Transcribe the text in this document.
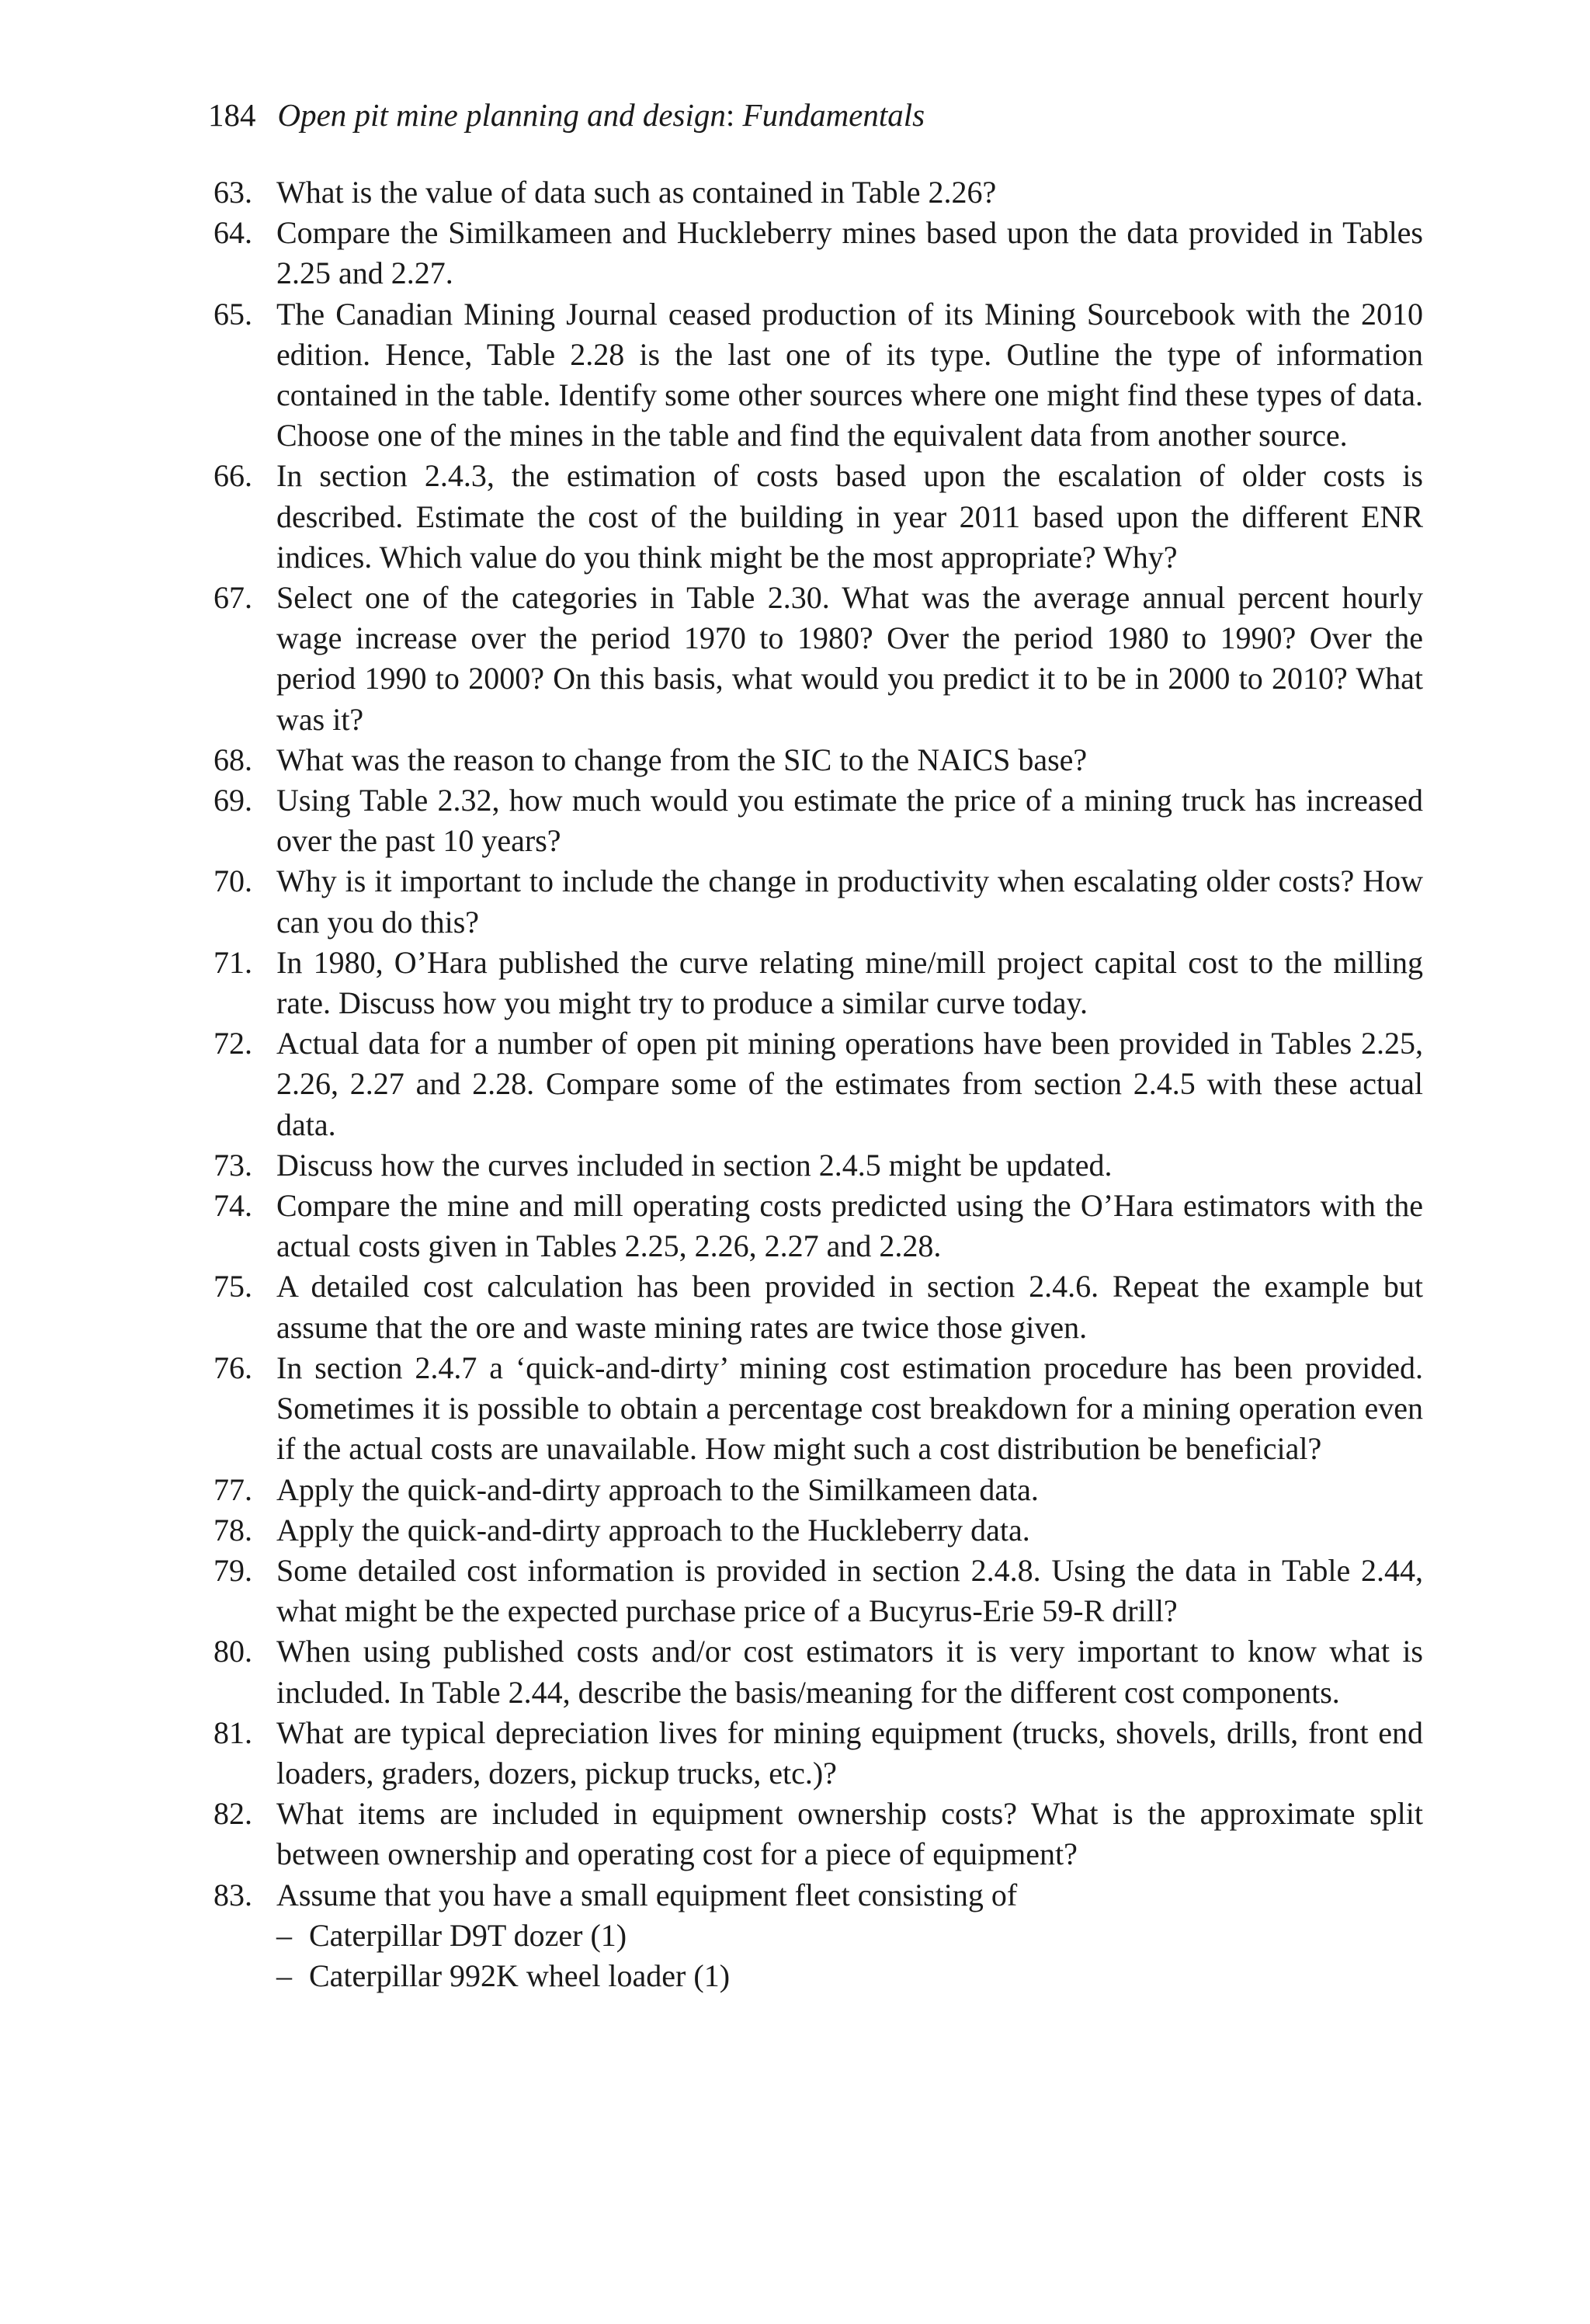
184 Open pit mine planning and design: Fundamentals
63. What is the value of data such as contained in Table 2.26?
64. Compare the Similkameen and Huckleberry mines based upon the data provided in Tables 2.25 and 2.27.
65. The Canadian Mining Journal ceased production of its Mining Sourcebook with the 2010 edition. Hence, Table 2.28 is the last one of its type. Outline the type of information contained in the table. Identify some other sources where one might find these types of data. Choose one of the mines in the table and find the equivalent data from another source.
66. In section 2.4.3, the estimation of costs based upon the escalation of older costs is described. Estimate the cost of the building in year 2011 based upon the different ENR indices. Which value do you think might be the most appropriate? Why?
67. Select one of the categories in Table 2.30. What was the average annual percent hourly wage increase over the period 1970 to 1980? Over the period 1980 to 1990? Over the period 1990 to 2000? On this basis, what would you predict it to be in 2000 to 2010? What was it?
68. What was the reason to change from the SIC to the NAICS base?
69. Using Table 2.32, how much would you estimate the price of a mining truck has increased over the past 10 years?
70. Why is it important to include the change in productivity when escalating older costs? How can you do this?
71. In 1980, O’Hara published the curve relating mine/mill project capital cost to the milling rate. Discuss how you might try to produce a similar curve today.
72. Actual data for a number of open pit mining operations have been provided in Tables 2.25, 2.26, 2.27 and 2.28. Compare some of the estimates from section 2.4.5 with these actual data.
73. Discuss how the curves included in section 2.4.5 might be updated.
74. Compare the mine and mill operating costs predicted using the O’Hara estimators with the actual costs given in Tables 2.25, 2.26, 2.27 and 2.28.
75. A detailed cost calculation has been provided in section 2.4.6. Repeat the example but assume that the ore and waste mining rates are twice those given.
76. In section 2.4.7 a ‘quick-and-dirty’ mining cost estimation procedure has been provided. Sometimes it is possible to obtain a percentage cost breakdown for a mining operation even if the actual costs are unavailable. How might such a cost distribution be beneficial?
77. Apply the quick-and-dirty approach to the Similkameen data.
78. Apply the quick-and-dirty approach to the Huckleberry data.
79. Some detailed cost information is provided in section 2.4.8. Using the data in Table 2.44, what might be the expected purchase price of a Bucyrus-Erie 59-R drill?
80. When using published costs and/or cost estimators it is very important to know what is included. In Table 2.44, describe the basis/meaning for the different cost components.
81. What are typical depreciation lives for mining equipment (trucks, shovels, drills, front end loaders, graders, dozers, pickup trucks, etc.)?
82. What items are included in equipment ownership costs? What is the approximate split between ownership and operating cost for a piece of equipment?
83. Assume that you have a small equipment fleet consisting of
– Caterpillar D9T dozer (1)
– Caterpillar 992K wheel loader (1)
